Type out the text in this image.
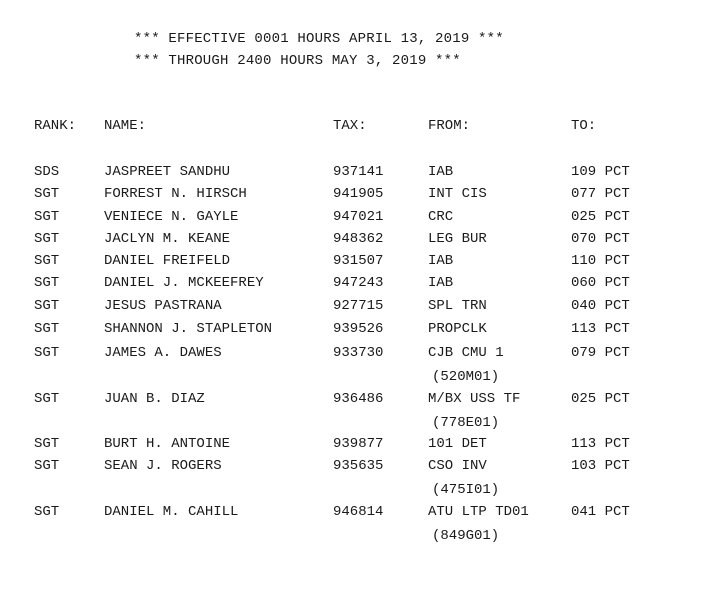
*** EFFECTIVE 0001 HOURS APRIL 13, 2019 ***
*** THROUGH 2400 HOURS MAY 3, 2019 ***
RANK: NAME:	TAX:	FROM:	TO:
SDS	JASPREET SANDHU	937141	IAB	109 PCT
SGT	FORREST N. HIRSCH	941905	INT CIS	077 PCT
SGT	VENIECE N. GAYLE	947021	CRC	025 PCT
SGT	JACLYN M. KEANE	948362	LEG BUR	070 PCT
SGT	DANIEL FREIFELD	931507	IAB	110 PCT
SGT	DANIEL J. MCKEEFREY	947243	IAB	060 PCT
SGT	JESUS PASTRANA	927715	SPL TRN	040 PCT
SGT	SHANNON J. STAPLETON	939526	PROPCLK	113 PCT
SGT	JAMES A. DAWES	933730	CJB CMU 1	079 PCT
(520M01)
SGT	JUAN B. DIAZ	936486	M/BX USS TF	025 PCT
(778E01)
SGT	BURT H. ANTOINE	939877	101 DET	113 PCT
SGT	SEAN J. ROGERS	935635	CSO INV	103 PCT
(475I01)
SGT	DANIEL M. CAHILL	946814	ATU LTP TD01	041 PCT
(849G01)
